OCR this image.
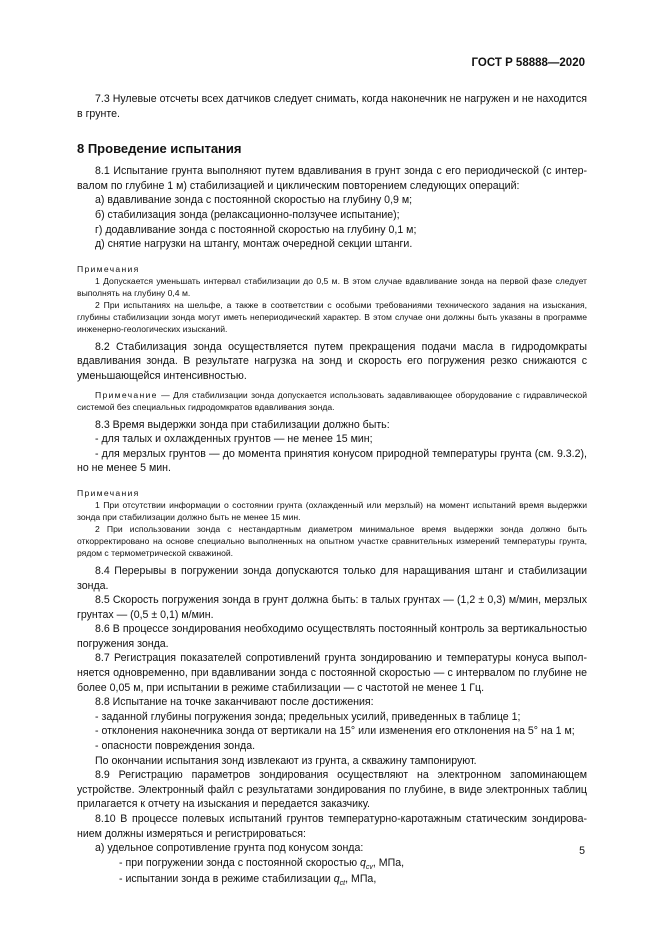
ГОСТ Р 58888—2020

7.3 Нулевые отсчеты всех датчиков следует снимать, когда наконечник не нагружен и не находится в грунте.

8 Проведение испытания

8.1 Испытание грунта выполняют путем вдавливания в грунт зонда с его периодической (с интервалом по глубине 1 м) стабилизацией и циклическим повторением следующих операций:

а) вдавливание зонда с постоянной скоростью на глубину 0,9 м;

б) стабилизация зонда (релаксационно-ползучее испытание);

г) додавливание зонда с постоянной скоростью на глубину 0,1 м;

д) снятие нагрузки на штангу, монтаж очередной секции штанги.

Примечания

1 Допускается уменьшать интервал стабилизации до 0,5 м. В этом случае вдавливание зонда на первой фазе следует выполнять на глубину 0,4 м.

2 При испытаниях на шельфе, а также в соответствии с особыми требованиями технического задания на изыскания, глубины стабилизации зонда могут иметь непериодический характер. В этом случае они должны быть указаны в программе инженерно-геологических изысканий.

8.2 Стабилизация зонда осуществляется путем прекращения подачи масла в гидродомкраты вдавливания зонда. В результате нагрузка на зонд и скорость его погружения резко снижаются с уменьшающейся интенсивностью.

Примечание — Для стабилизации зонда допускается использовать задавливающее оборудование с гидравлической системой без специальных гидродомкратов вдавливания зонда.

8.3 Время выдержки зонда при стабилизации должно быть:

- для талых и охлажденных грунтов — не менее 15 мин;

- для мерзлых грунтов — до момента принятия конусом природной температуры грунта (см. 9.3.2), но не менее 5 мин.

Примечания

1 При отсутствии информации о состоянии грунта (охлажденный или мерзлый) на момент испытаний время выдержки зонда при стабилизации должно быть не менее 15 мин.

2 При использовании зонда с нестандартным диаметром минимальное время выдержки зонда должно быть откорректировано на основе специально выполненных на опытном участке сравнительных измерений температуры грунта, рядом с термометрической скважиной.

8.4 Перерывы в погружении зонда допускаются только для наращивания штанг и стабилизации зонда.

8.5 Скорость погружения зонда в грунт должна быть: в талых грунтах — (1,2 ± 0,3) м/мин, мерзлых грунтах — (0,5 ± 0,1) м/мин.

8.6 В процессе зондирования необходимо осуществлять постоянный контроль за вертикальностью погружения зонда.

8.7 Регистрация показателей сопротивлений грунта зондированию и температуры конуса выполняется одновременно, при вдавливании зонда с постоянной скоростью — с интервалом по глубине не более 0,05 м, при испытании в режиме стабилизации — с частотой не менее 1 Гц.

8.8 Испытание на точке заканчивают после достижения:

- заданной глубины погружения зонда; предельных усилий, приведенных в таблице 1;

- отклонения наконечника зонда от вертикали на 15° или изменения его отклонения на 5° на 1 м;

- опасности повреждения зонда.

По окончании испытания зонд извлекают из грунта, а скважину тампонируют.

8.9 Регистрацию параметров зондирования осуществляют на электронном запоминающем устройстве. Электронный файл с результатами зондирования по глубине, в виде электронных таблиц прилагается к отчету на изыскания и передается заказчику.

8.10 В процессе полевых испытаний грунтов температурно-каротажным статическим зондированием должны измеряться и регистрироваться:

а) удельное сопротивление грунта под конусом зонда:

- при погружении зонда с постоянной скоростью $q_{cv}$, МПа,

- испытании зонда в режиме стабилизации $q_{ct}$, МПа,

5
